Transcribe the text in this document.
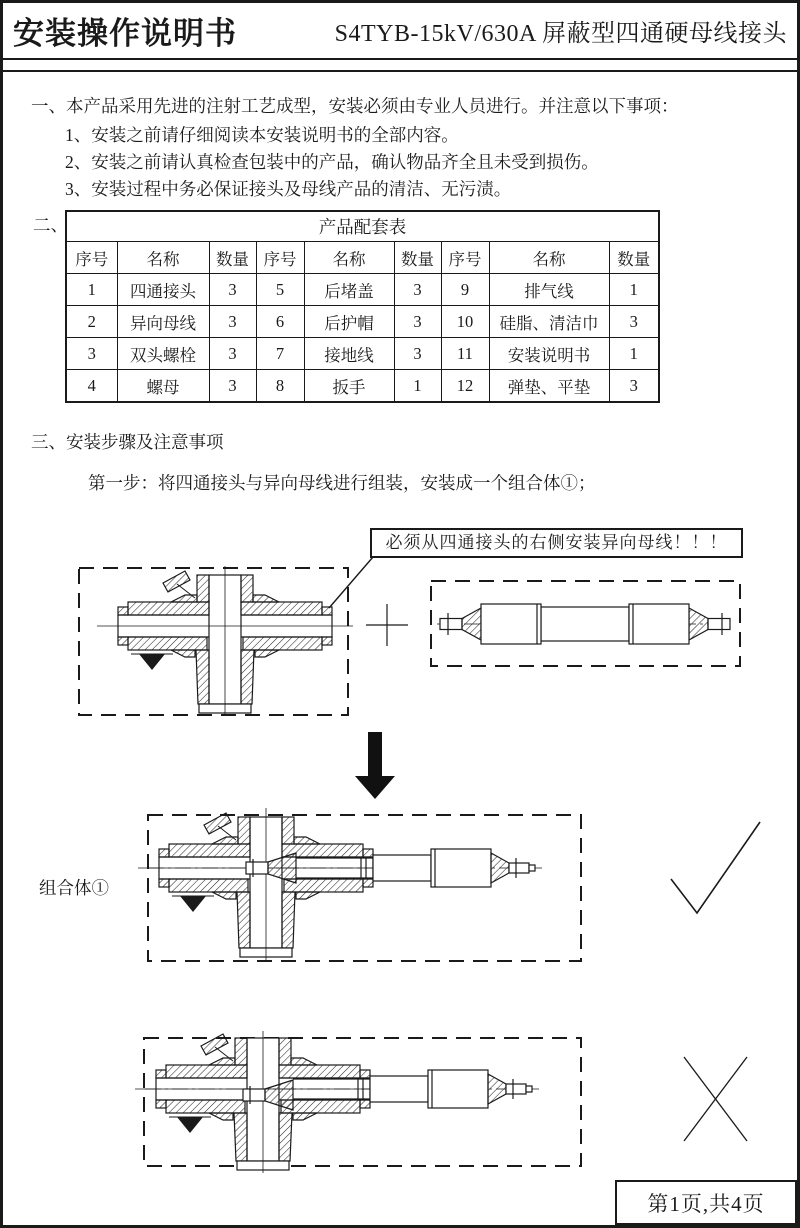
安装操作说明书	S4TYB-15kV/630A 屏蔽型四通硬母线接头
一、本产品采用先进的注射工艺成型，安装必须由专业人员进行。并注意以下事项：
1、安装之前请仔细阅读本安装说明书的全部内容。
2、安装之前请认真检查包装中的产品，确认物品齐全且未受到损伤。
3、安装过程中务必保证接头及母线产品的清洁、无污渍。
二、	产品配套表								
序号	名称	数量	序号	名称	数量	序号	名称	数量
1	四通接头	3	5	后堵盖	3	9	排气线	1
2	异向母线	3	6	后护帽	3	10	硅脂、清洁巾	3
3	双头螺栓	3	7	接地线	3	11	安装说明书	1
4	螺母	3	8	扳手	1	12	弹垫、平垫	3
三、安装步骤及注意事项
第一步：将四通接头与异向母线进行组装，安装成一个组合体①；
必须从四通接头的右侧安装异向母线！！！
组合体①
第1页,共4页
